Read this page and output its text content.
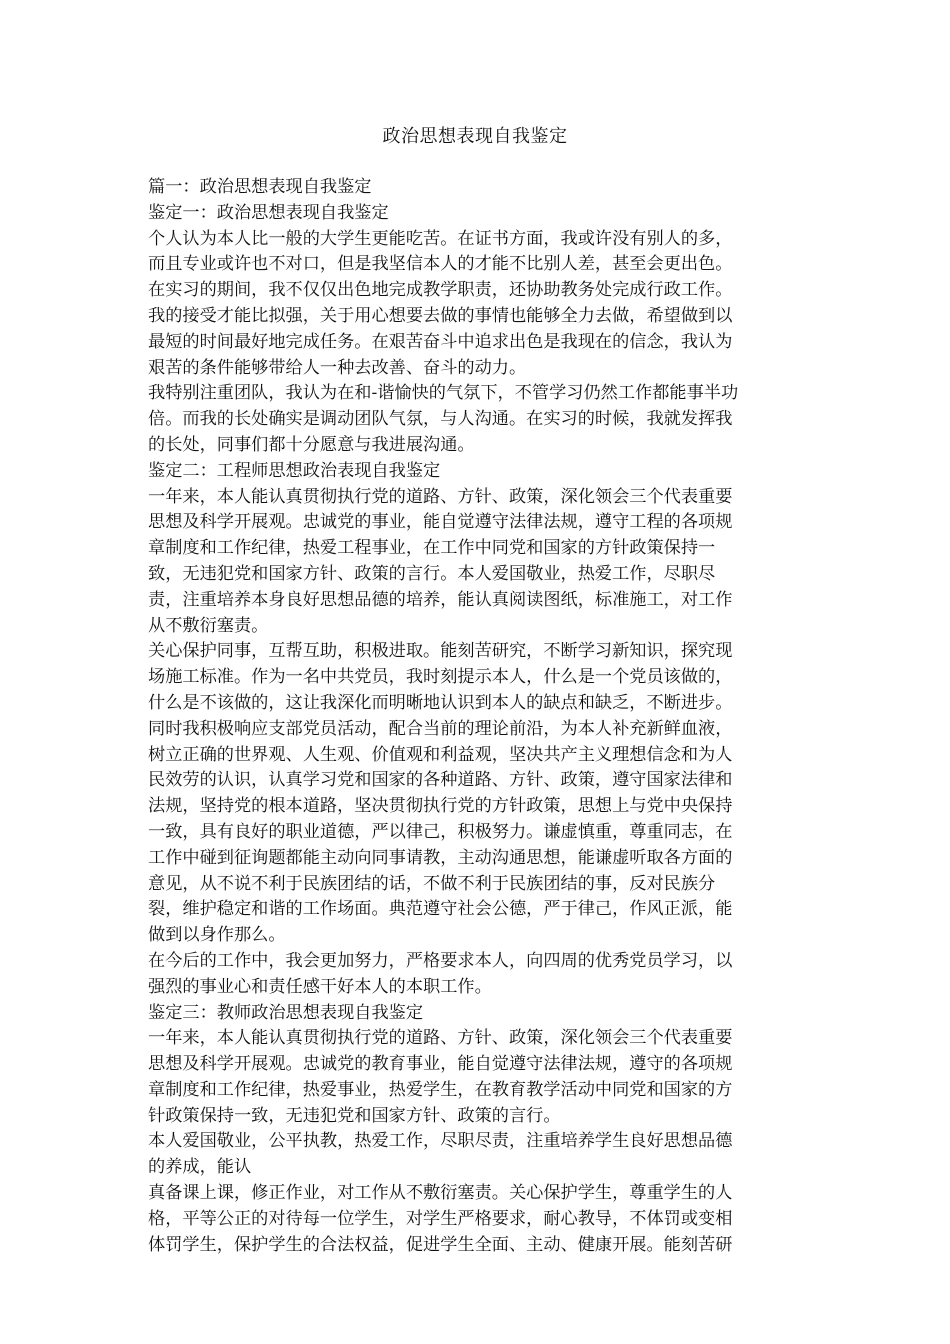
政治思想表现自我鉴定
篇一：政治思想表现自我鉴定
鉴定一：政治思想表现自我鉴定
个人认为本人比一般的大学生更能吃苦。在证书方面，我或许没有别人的多，
而且专业或许也不对口，但是我坚信本人的才能不比别人差，甚至会更出色。
在实习的期间，我不仅仅出色地完成教学职责，还协助教务处完成行政工作。
我的接受才能比拟强，关于用心想要去做的事情也能够全力去做，希望做到以
最短的时间最好地完成任务。在艰苦奋斗中追求出色是我现在的信念，我认为
艰苦的条件能够带给人一种去改善、奋斗的动力。
我特别注重团队，我认为在和-谐愉快的气氛下，不管学习仍然工作都能事半功
倍。而我的长处确实是调动团队气氛，与人沟通。在实习的时候，我就发挥我
的长处，同事们都十分愿意与我进展沟通。
鉴定二：工程师思想政治表现自我鉴定
一年来，本人能认真贯彻执行党的道路、方针、政策，深化领会三个代表重要
思想及科学开展观。忠诚党的事业，能自觉遵守法律法规，遵守工程的各项规
章制度和工作纪律，热爱工程事业，在工作中同党和国家的方针政策保持一
致，无违犯党和国家方针、政策的言行。本人爱国敬业，热爱工作，尽职尽
责，注重培养本身良好思想品德的培养，能认真阅读图纸，标准施工，对工作
从不敷衍塞责。
关心保护同事，互帮互助，积极进取。能刻苦研究，不断学习新知识，探究现
场施工标准。作为一名中共党员，我时刻提示本人，什么是一个党员该做的，
什么是不该做的，这让我深化而明晰地认识到本人的缺点和缺乏，不断进步。
同时我积极响应支部党员活动，配合当前的理论前沿，为本人补充新鲜血液，
树立正确的世界观、人生观、价值观和利益观，坚决共产主义理想信念和为人
民效劳的认识，认真学习党和国家的各种道路、方针、政策，遵守国家法律和
法规，坚持党的根本道路，坚决贯彻执行党的方针政策，思想上与党中央保持
一致，具有良好的职业道德，严以律己，积极努力。谦虚慎重，尊重同志，在
工作中碰到征询题都能主动向同事请教，主动沟通思想，能谦虚听取各方面的
意见，从不说不利于民族团结的话，不做不利于民族团结的事，反对民族分
裂，维护稳定和谐的工作场面。典范遵守社会公德，严于律己，作风正派，能
做到以身作那么。
在今后的工作中，我会更加努力，严格要求本人，向四周的优秀党员学习，以
强烈的事业心和责任感干好本人的本职工作。
鉴定三：教师政治思想表现自我鉴定
一年来，本人能认真贯彻执行党的道路、方针、政策，深化领会三个代表重要
思想及科学开展观。忠诚党的教育事业，能自觉遵守法律法规，遵守的各项规
章制度和工作纪律，热爱事业，热爱学生，在教育教学活动中同党和国家的方
针政策保持一致，无违犯党和国家方针、政策的言行。
本人爱国敬业，公平执教，热爱工作，尽职尽责，注重培养学生良好思想品德
的养成，能认
真备课上课，修正作业，对工作从不敷衍塞责。关心保护学生，尊重学生的人
格，平等公正的对待每一位学生，对学生严格要求，耐心教导，不体罚或变相
体罚学生，保护学生的合法权益，促进学生全面、主动、健康开展。能刻苦研
